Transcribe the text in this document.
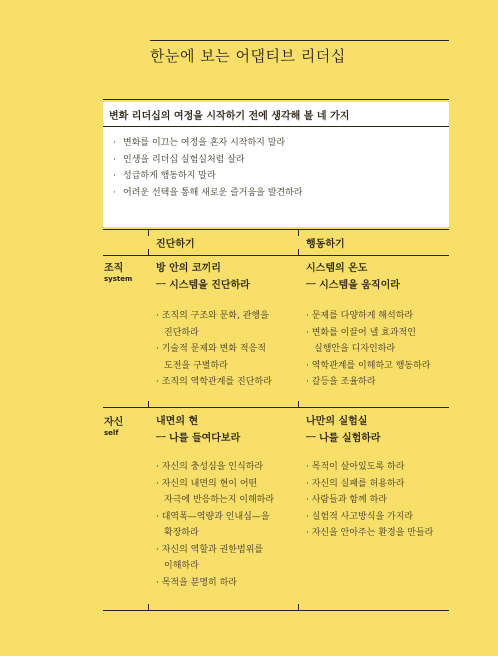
한눈에 보는 어댑티브 리더십
변화 리더십의 여정을 시작하기 전에 생각해 볼 네 가지
· 변화를 이끄는 여정을 혼자 시작하지 말라
· 인생을 리더십 실험실처럼 살라
· 성급하게 행동하지 말라
· 어려운 선택을 통해 새로운 즐거움을 발견하라
진단하기	행동하기
조직
system
방 안의 코끼리
ㅡ 시스템을 진단하라
· 조직의 구조와 문화, 관행을
진단하라
· 기술적 문제와 변화 적응적
도전을 구별하라
· 조직의 역학관계를 진단하라
시스템의 온도
ㅡ 시스템을 움직이라
· 문제를 다양하게 해석하라
· 변화를 이끌어 낼 효과적인
실행안을 디자인하라
· 역학관계를 이해하고 행동하라
· 갈등을 조율하라
자신
self
내면의 현
ㅡ 나를 들여다보라
· 자신의 충성심을 인식하라
· 자신의 내면의 현이 어떤
자극에 반응하는지 이해하라
· 대역폭—역량과 인내심—을
확장하라
· 자신의 역할과 권한범위를
이해하라
· 목적을 분명히 하라
나만의 실험실
ㅡ 나를 실험하라
· 목적이 살아있도록 하라
· 자신의 실패를 허용하라
· 사람들과 함께 하라
· 실험적 사고방식을 가지라
· 자신을 안아주는 환경을 만들라
